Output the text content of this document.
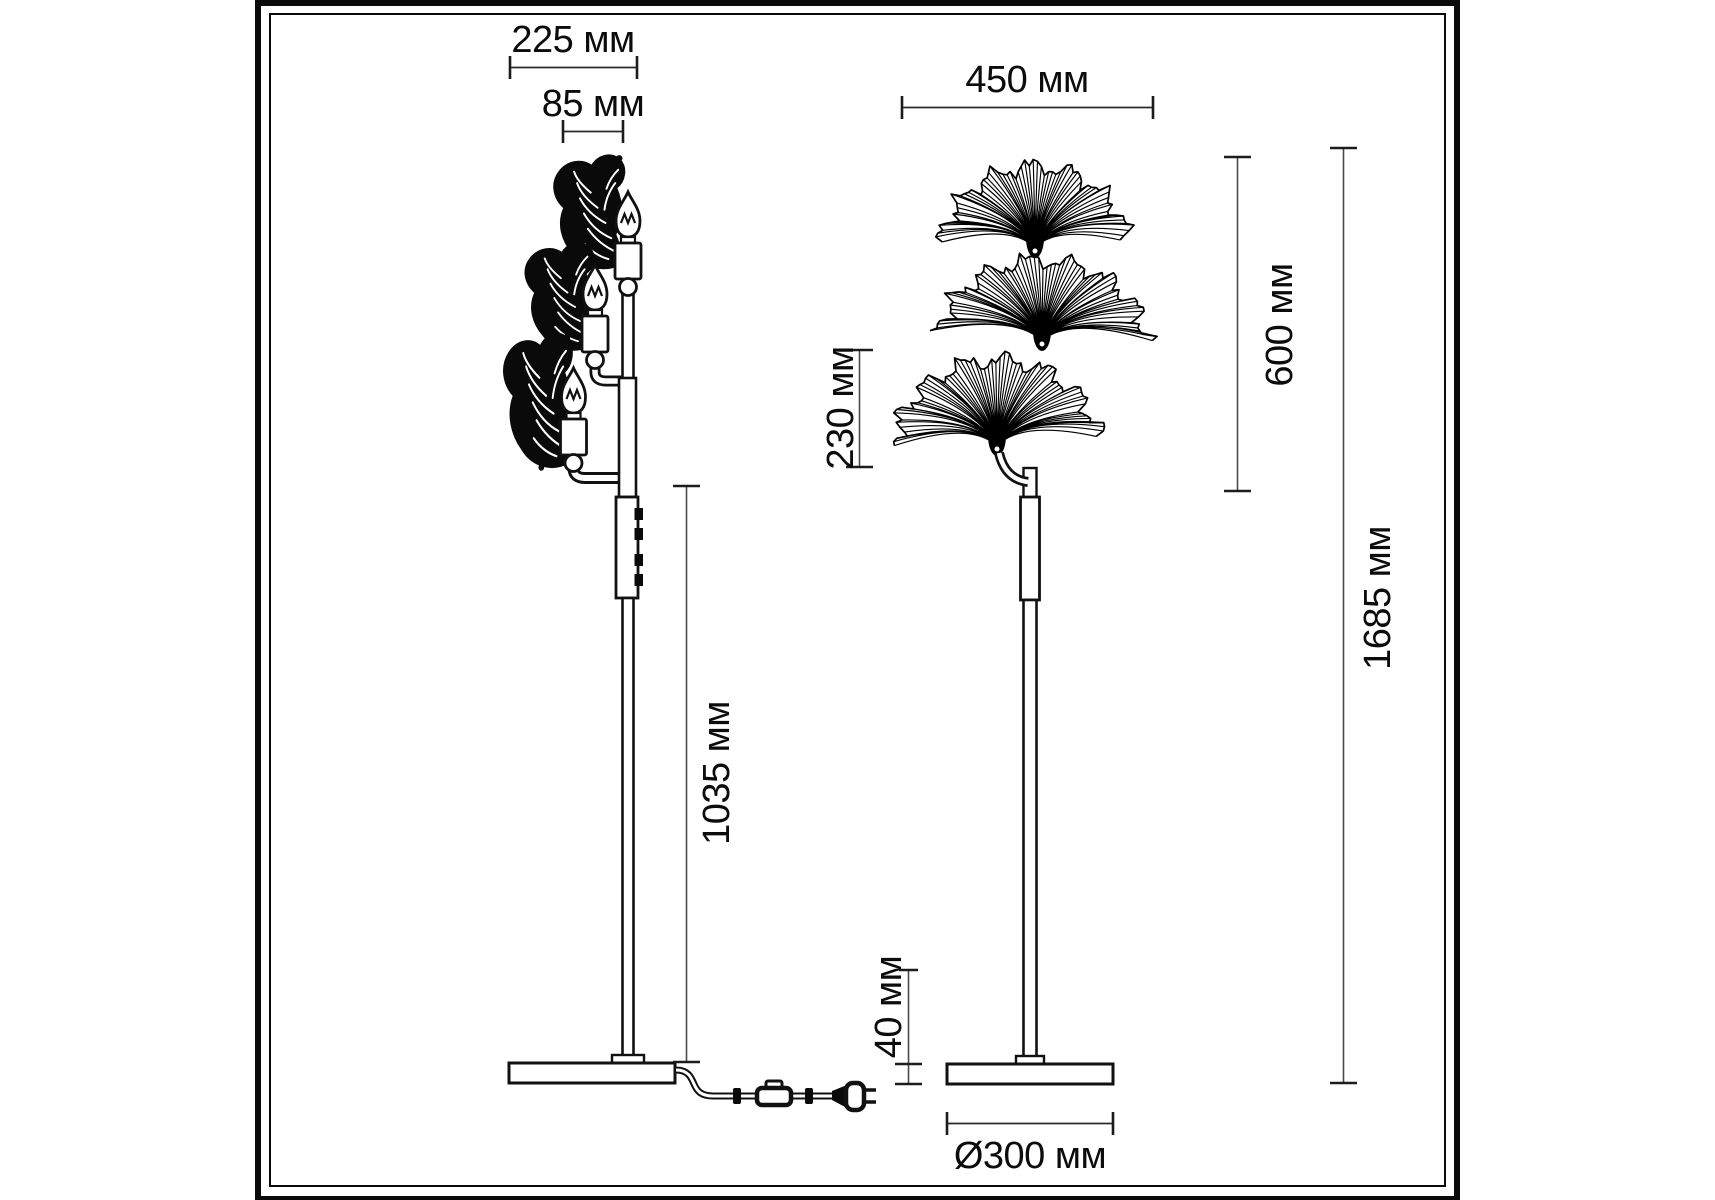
225 мм
85 мм
1035 мм
450 мм
230 мм
600 мм
1685 мм
40 мм
Ø300 мм
